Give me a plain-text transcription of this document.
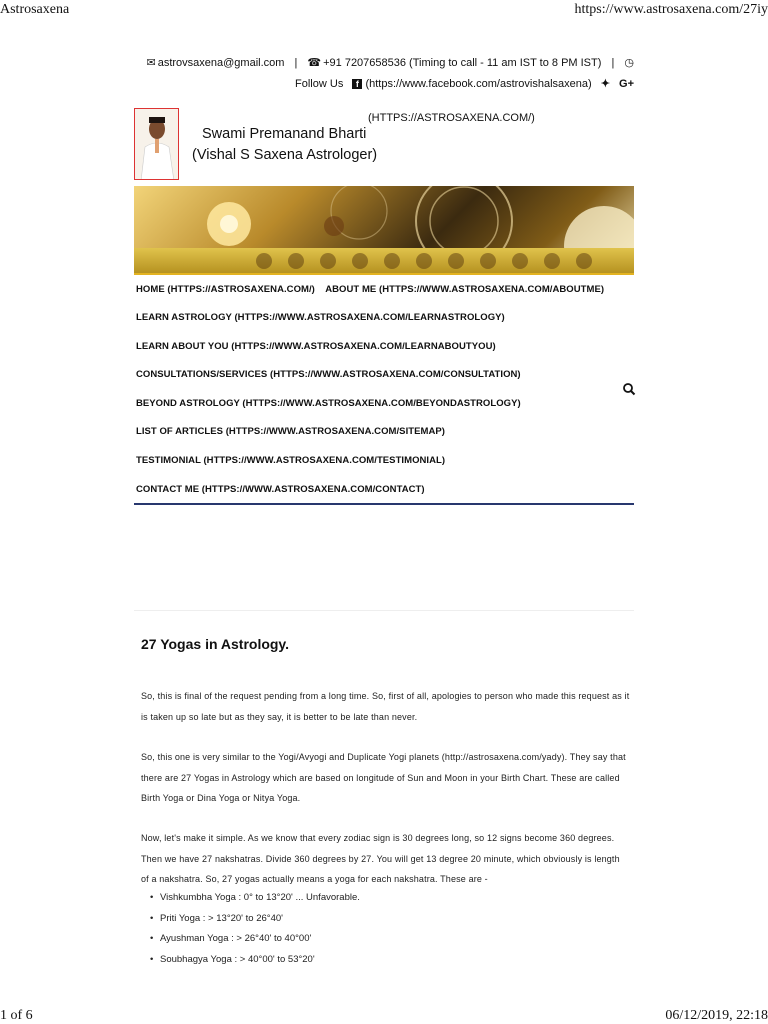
Astrosaxena	https://www.astrosaxena.com/27iy
✉ astrovsaxena@gmail.com | ☎ +91 7207658536 (Timing to call - 11 am IST to 8 PM IST) | ◷
Follow Us f (https://www.facebook.com/astrovishalsaxena) ✦ G+
Swami Premanand Bharti
(Vishal S Saxena Astrologer)
(HTTPS://ASTROSAXENA.COM/)
HOME (HTTPS://ASTROSAXENA.COM/) ABOUT ME (HTTPS://WWW.ASTROSAXENA.COM/ABOUTME)
LEARN ASTROLOGY (HTTPS://WWW.ASTROSAXENA.COM/LEARNASTROLOGY)
LEARN ABOUT YOU (HTTPS://WWW.ASTROSAXENA.COM/LEARNABOUTYOU)
CONSULTATIONS/SERVICES (HTTPS://WWW.ASTROSAXENA.COM/CONSULTATION)
BEYOND ASTROLOGY (HTTPS://WWW.ASTROSAXENA.COM/BEYONDASTROLOGY)
LIST OF ARTICLES (HTTPS://WWW.ASTROSAXENA.COM/SITEMAP)
TESTIMONIAL (HTTPS://WWW.ASTROSAXENA.COM/TESTIMONIAL)
CONTACT ME (HTTPS://WWW.ASTROSAXENA.COM/CONTACT)
27 Yogas in Astrology.
So, this is final of the request pending from a long time. So, first of all, apologies to person who made this request as it
is taken up so late but as they say, it is better to be late than never.
So, this one is very similar to the Yogi/Avyogi and Duplicate Yogi planets (http://astrosaxena.com/yady). They say that
there are 27 Yogas in Astrology which are based on longitude of Sun and Moon in your Birth Chart. These are called
Birth Yoga or Dina Yoga or Nitya Yoga.
Now, let's make it simple. As we know that every zodiac sign is 30 degrees long, so 12 signs become 360 degrees.
Then we have 27 nakshatras. Divide 360 degrees by 27. You will get 13 degree 20 minute, which obviously is length
of a nakshatra. So, 27 yogas actually means a yoga for each nakshatra. These are -
• Vishkumbha Yoga : 0° to 13°20' ... Unfavorable.
• Priti Yoga : > 13°20' to 26°40'
• Ayushman Yoga : > 26°40' to 40°00'
• Soubhagya Yoga : > 40°00' to 53°20'
1 of 6	06/12/2019, 22:18
